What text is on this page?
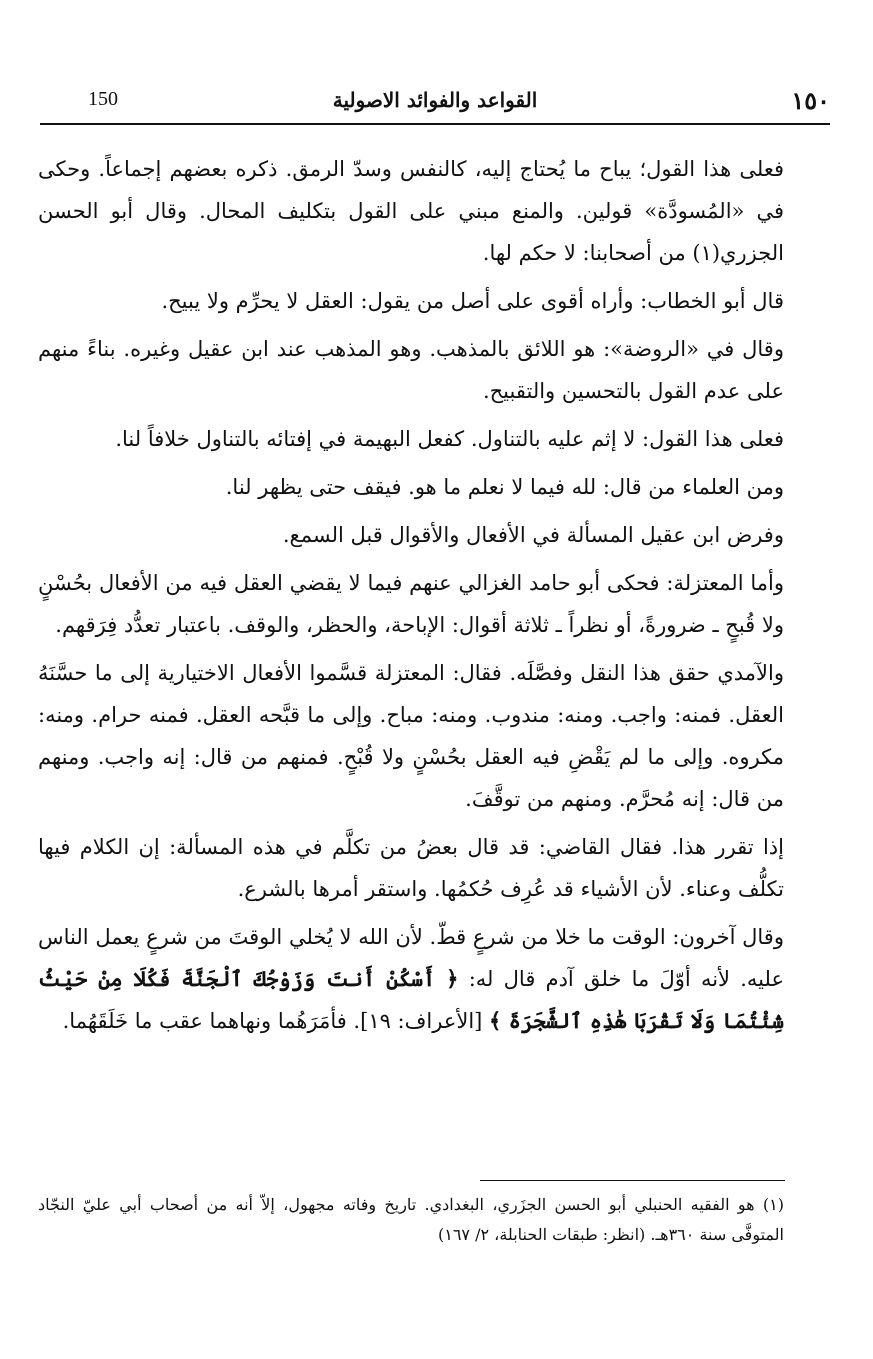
١٥٠
القواعد والفوائد الاصولية
150

فعلى هذا القول؛ يباح ما يُحتاج إليه، كالنفس وسدّ الرمق. ذكره بعضهم إجماعاً. وحكى في «المُسودَّة» قولين. والمنع مبني على القول بتكليف المحال. وقال أبو الحسن الجزري(١) من أصحابنا: لا حكم لها.

قال أبو الخطاب: وأراه أقوى على أصل من يقول: العقل لا يحرِّم ولا يبيح.

وقال في «الروضة»: هو اللائق بالمذهب. وهو المذهب عند ابن عقيل وغيره. بناءً منهم على عدم القول بالتحسين والتقبيح.

فعلى هذا القول: لا إثم عليه بالتناول. كفعل البهيمة في إفتائه بالتناول خلافاً لنا.

ومن العلماء من قال: لله فيما لا نعلم ما هو. فيقف حتى يظهر لنا.

وفرض ابن عقيل المسألة في الأفعال والأقوال قبل السمع.

وأما المعتزلة: فحكى أبو حامد الغزالي عنهم فيما لا يقضي العقل فيه من الأفعال بحُسْنٍ ولا قُبحٍ ـ ضرورةً، أو نظراً ـ ثلاثة أقوال: الإباحة، والحظر، والوقف. باعتبار تعدُّد فِرَقهم.

والآمدي حقق هذا النقل وفصَّلَه. فقال: المعتزلة قسَّموا الأفعال الاختيارية إلى ما حسَّنَهُ العقل. فمنه: واجب. ومنه: مندوب. ومنه: مباح. وإلى ما قبَّحه العقل. فمنه حرام. ومنه: مكروه. وإلى ما لم يَقْضِ فيه العقل بحُسْنٍ ولا قُبْحٍ. فمنهم من قال: إنه واجب. ومنهم من قال: إنه مُحرَّم. ومنهم من توقَّفَ.

إذا تقرر هذا. فقال القاضي: قد قال بعضُ من تكلَّم في هذه المسألة: إن الكلام فيها تكلُّف وعناء. لأن الأشياء قد عُرِف حُكمُها. واستقر أمرها بالشرع.

وقال آخرون: الوقت ما خلا من شرعٍ قطّ. لأن الله لا يُخلي الوقتَ من شرعٍ يعمل الناس عليه. لأنه أوّلَ ما خلق آدم قال له: ﴿ أَسْكُنْ أَنتَ وَزَوْجُكَ ٱلْجَنَّةَ فَكُلَا مِنْ حَيْثُ شِئْتُمَا وَلَا تَقْرَبَا هَٰذِهِ ٱلشَّجَرَةَ ﴾ [الأعراف: ١٩]. فأمَرَهُما ونهاهما عقب ما خَلَقَهُما.

(١) هو الفقيه الحنبلي أبو الحسن الجزَري، البغدادي. تاريخ وفاته مجهول، إلاّ أنه من أصحاب أبي عليّ النجّاد المتوفَّى سنة ٣٦٠هـ. (انظر: طبقات الحنابلة، ٢/ ١٦٧)
